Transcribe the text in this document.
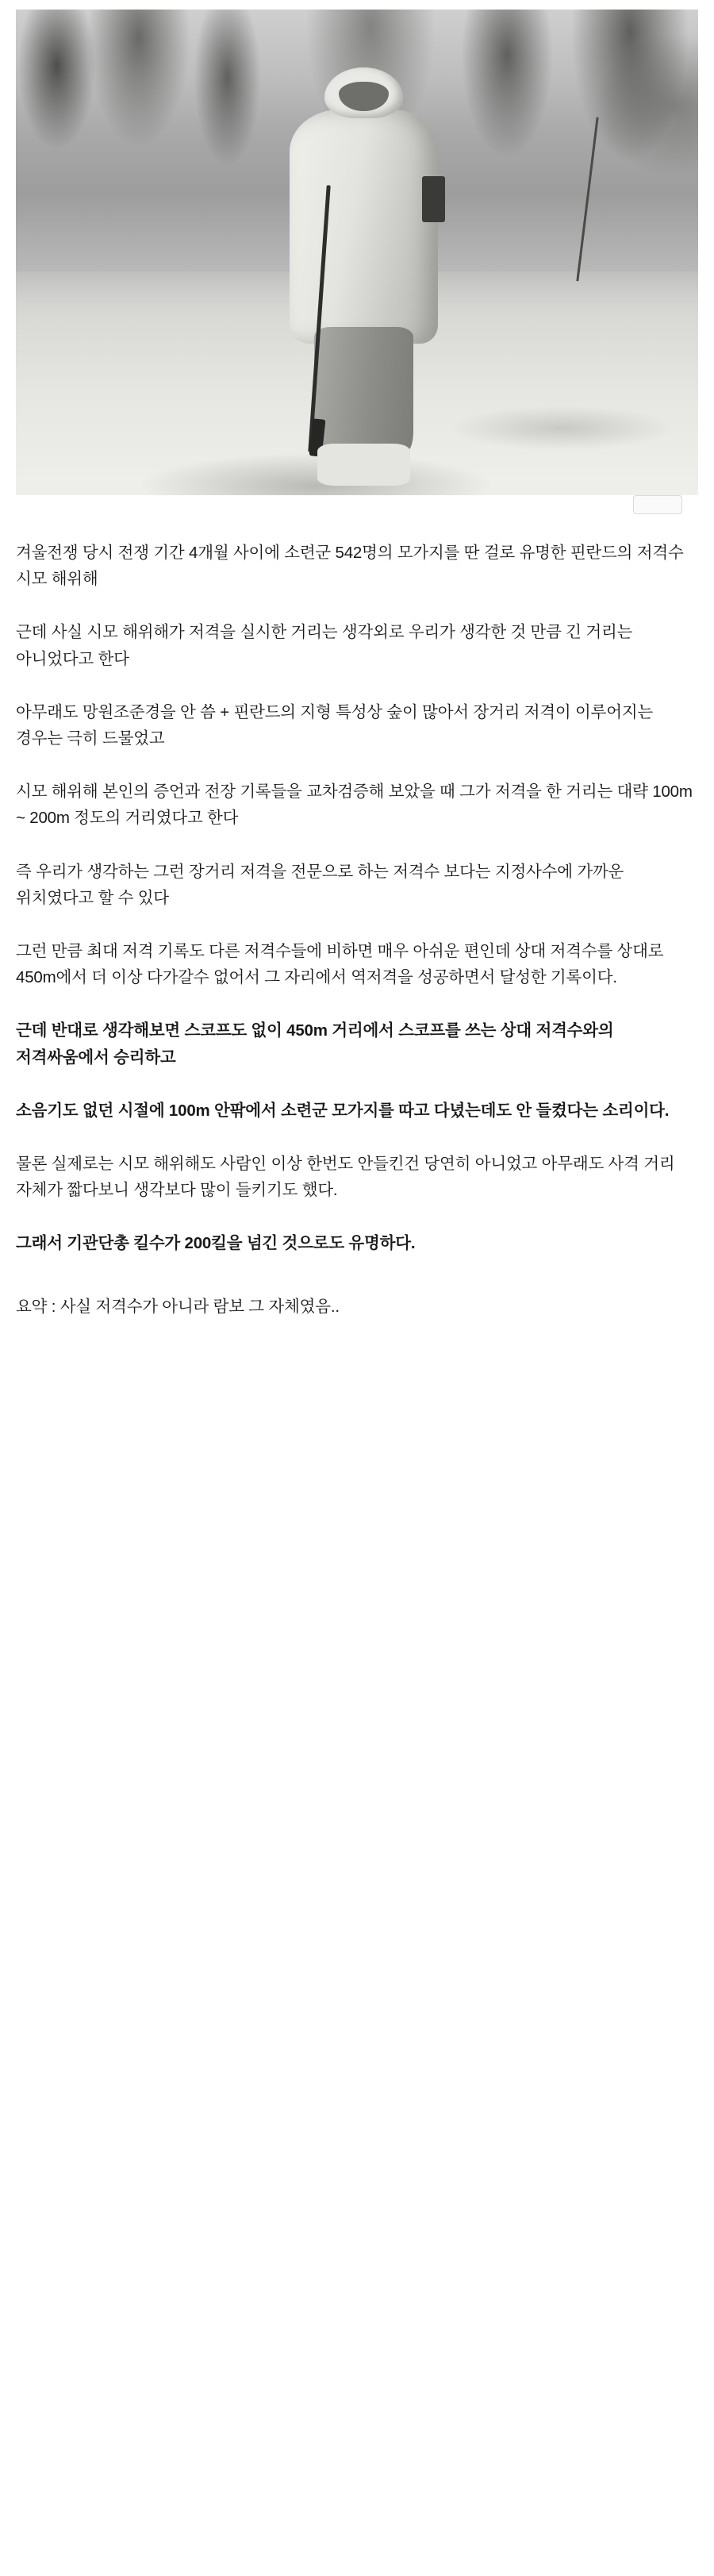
겨울전쟁 당시 전쟁 기간 4개월 사이에 소련군 542명의 모가지를 딴 걸로 유명한 핀란드의 저격수 시모 해위해

근데 사실 시모 해위해가 저격을 실시한 거리는 생각외로 우리가 생각한 것 만큼 긴 거리는 아니었다고 한다

아무래도 망원조준경을 안 씀 + 핀란드의 지형 특성상 숲이 많아서 장거리 저격이 이루어지는 경우는 극히 드물었고

시모 해위해 본인의 증언과 전장 기록들을 교차검증해 보았을 때 그가 저격을 한 거리는 대략 100m ~ 200m 정도의 거리였다고 한다

즉 우리가 생각하는 그런 장거리 저격을 전문으로 하는 저격수 보다는 지정사수에 가까운 위치였다고 할 수 있다

그런 만큼 최대 저격 기록도 다른 저격수들에 비하면 매우 아쉬운 편인데 상대 저격수를 상대로 450m에서 더 이상 다가갈수 없어서 그 자리에서 역저격을 성공하면서 달성한 기록이다.

근데 반대로 생각해보면 스코프도 없이 450m 거리에서 스코프를 쓰는 상대 저격수와의 저격싸움에서 승리하고

소음기도 없던 시절에 100m 안팎에서 소련군 모가지를 따고 다녔는데도 안 들켰다는 소리이다.

물론 실제로는 시모 해위해도 사람인 이상 한번도 안들킨건 당연히 아니었고 아무래도 사격 거리 자체가 짧다보니 생각보다 많이 들키기도 했다.

그래서 기관단총 킬수가 200킬을 넘긴 것으로도 유명하다.

요약 : 사실 저격수가 아니라 람보 그 자체였음..
